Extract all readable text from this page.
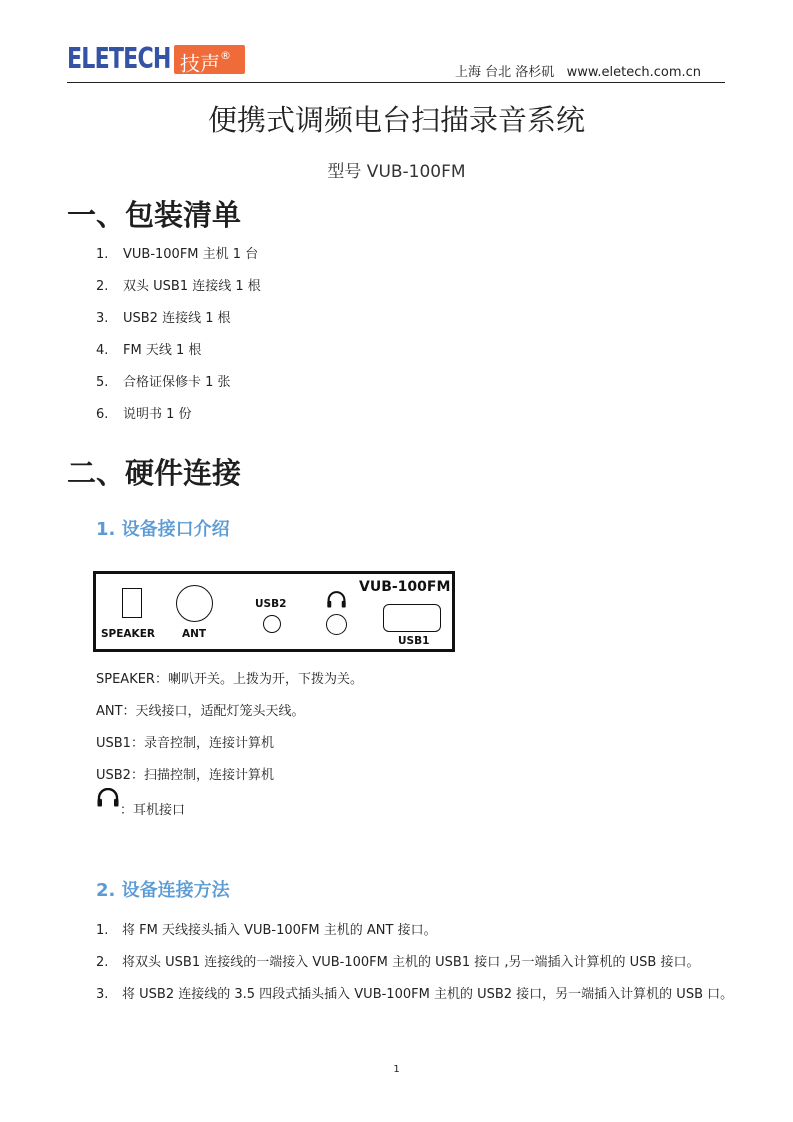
ELETECH 技声®
上海 台北 洛杉矶   www.eletech.com.cn
便携式调频电台扫描录音系统
型号 VUB-100FM
一、包装清单
1. VUB-100FM 主机 1 台
2. 双头 USB1 连接线 1 根
3. USB2 连接线 1 根
4. FM 天线 1 根
5. 合格证保修卡 1 张
6. 说明书 1 份
二、硬件连接
1. 设备接口介绍
SPEAKER	ANT
USB2
VUB-100FM
USB1
SPEAKER：喇叭开关。上拨为开，下拨为关。
ANT：天线接口，适配灯笼头天线。
USB1：录音控制，连接计算机
USB2：扫描控制，连接计算机
：耳机接口
2. 设备连接方法
1. 将 FM 天线接头插入 VUB-100FM 主机的 ANT 接口。
2. 将双头 USB1 连接线的一端接入 VUB-100FM 主机的 USB1 接口 ,另一端插入计算机的 USB 接口。
3. 将 USB2 连接线的 3.5 四段式插头插入 VUB-100FM 主机的 USB2 接口，另一端插入计算机的 USB 口。
1
